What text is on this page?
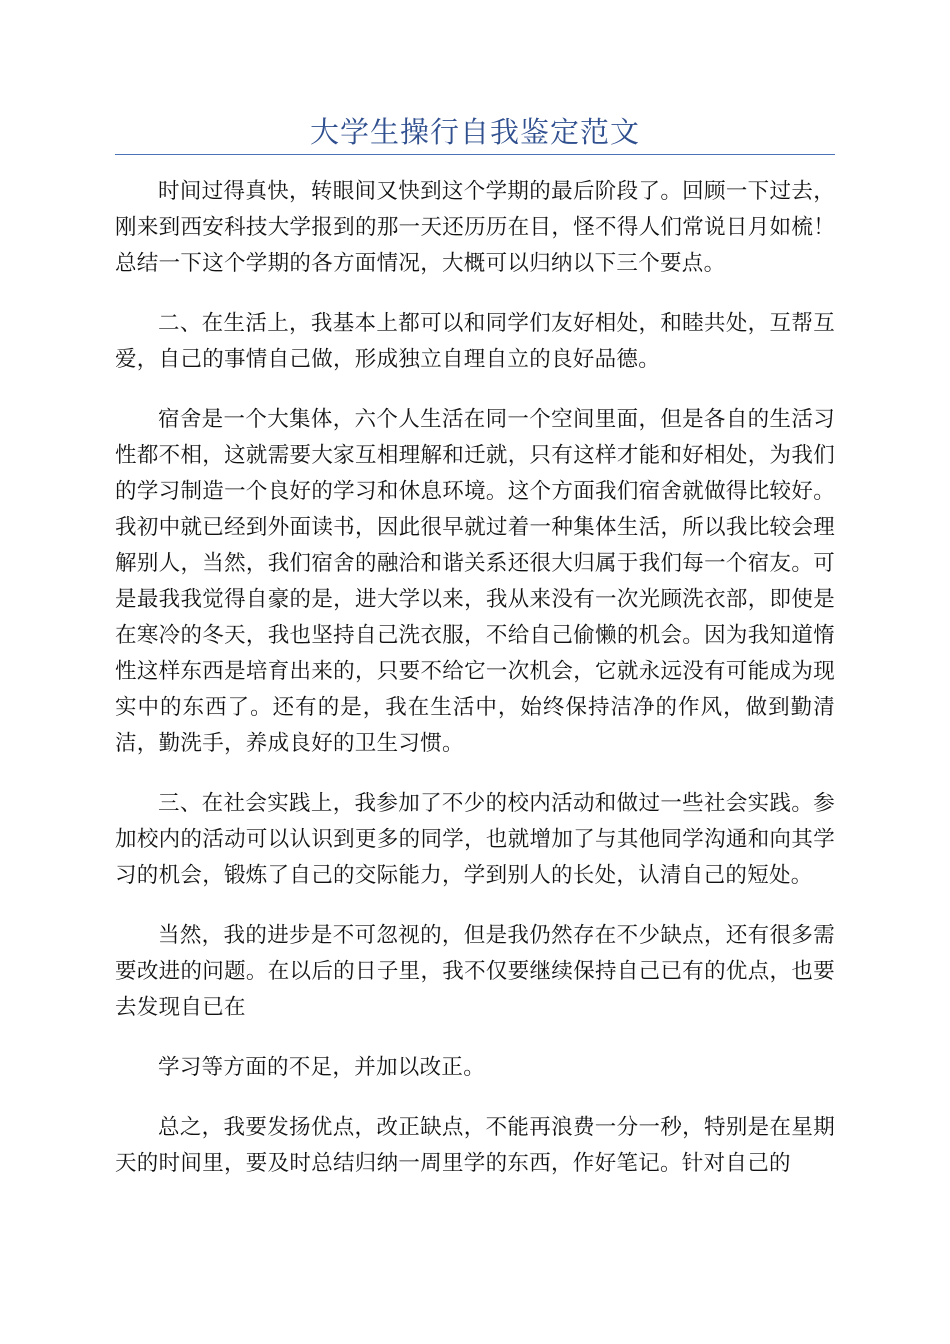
大学生操行自我鉴定范文

时间过得真快，转眼间又快到这个学期的最后阶段了。回顾一下过去，刚来到西安科技大学报到的那一天还历历在目，怪不得人们常说日月如梳！总结一下这个学期的各方面情况，大概可以归纳以下三个要点。

二、在生活上，我基本上都可以和同学们友好相处，和睦共处，互帮互爱，自己的事情自己做，形成独立自理自立的良好品德。

宿舍是一个大集体，六个人生活在同一个空间里面，但是各自的生活习性都不相，这就需要大家互相理解和迁就，只有这样才能和好相处，为我们的学习制造一个良好的学习和休息环境。这个方面我们宿舍就做得比较好。我初中就已经到外面读书，因此很早就过着一种集体生活，所以我比较会理解别人，当然，我们宿舍的融洽和谐关系还很大归属于我们每一个宿友。可是最我我觉得自豪的是，进大学以来，我从来没有一次光顾洗衣部，即使是在寒冷的冬天，我也坚持自己洗衣服，不给自己偷懒的机会。因为我知道惰性这样东西是培育出来的，只要不给它一次机会，它就永远没有可能成为现实中的东西了。还有的是，我在生活中，始终保持洁净的作风，做到勤清洁，勤洗手，养成良好的卫生习惯。

三、在社会实践上，我参加了不少的校内活动和做过一些社会实践。参加校内的活动可以认识到更多的同学，也就增加了与其他同学沟通和向其学习的机会，锻炼了自己的交际能力，学到别人的长处，认清自己的短处。

当然，我的进步是不可忽视的，但是我仍然存在不少缺点，还有很多需要改进的问题。在以后的日子里，我不仅要继续保持自己已有的优点，也要去发现自已在

学习等方面的不足，并加以改正。

总之，我要发扬优点，改正缺点，不能再浪费一分一秒，特别是在星期天的时间里，要及时总结归纳一周里学的东西，作好笔记。针对自己的
